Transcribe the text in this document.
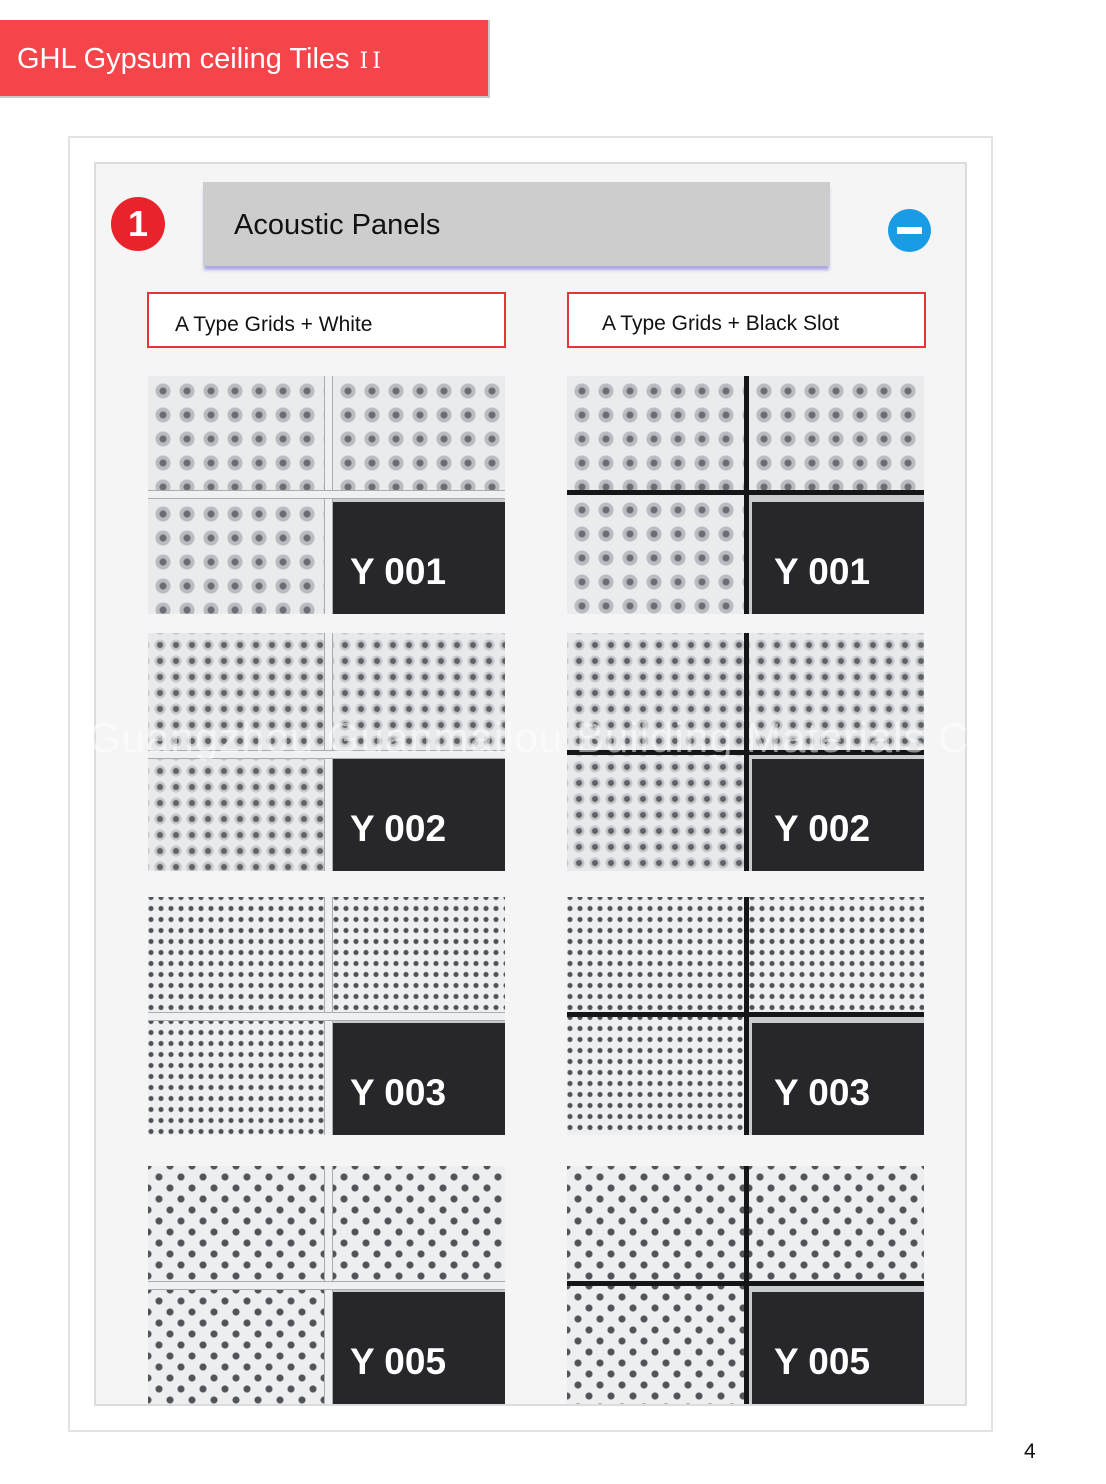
GHL Gypsum ceiling Tiles II
1	Acoustic Panels
A Type Grids + White	A Type Grids + Black Slot
Y 001
Y 002
Y 003
Y 005
Y 001
Y 002
Y 003
Y 005
Guangzhou Guanmailou Building Materials Co., Ltd.
4
